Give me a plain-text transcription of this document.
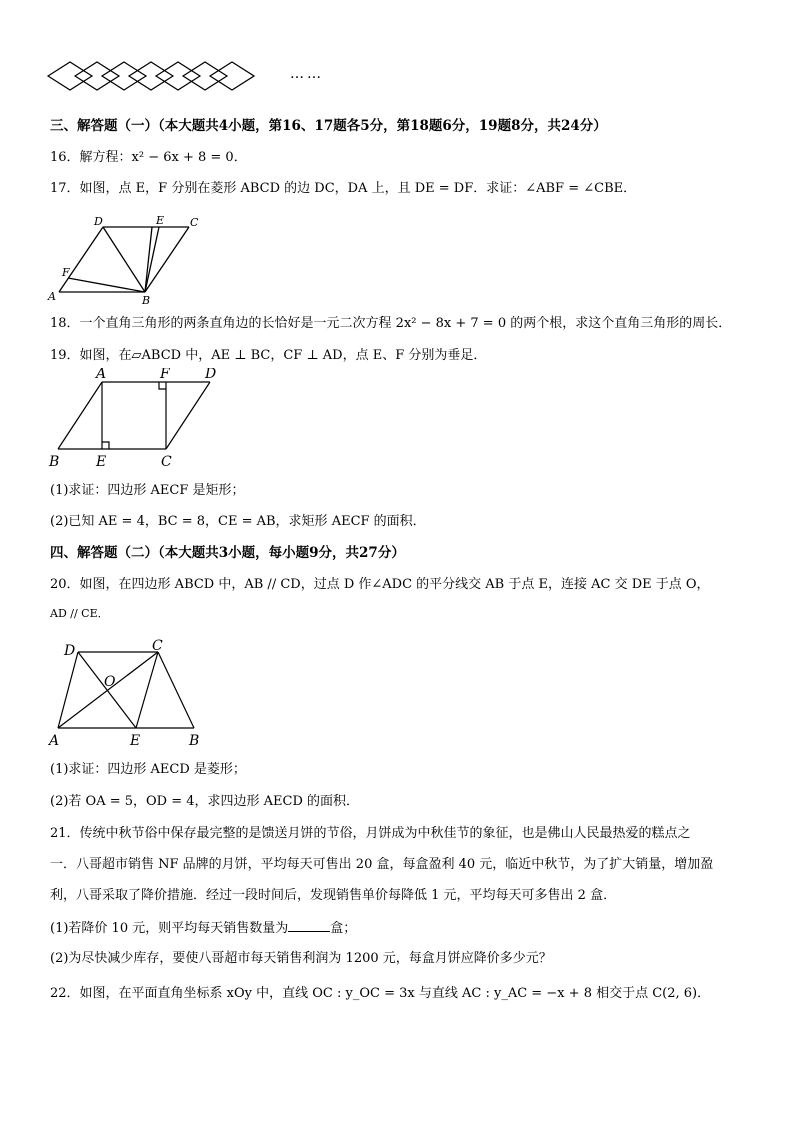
……
三、解答题（一）（本大题共4小题，第16、17题各5分，第18题6分，19题8分，共24分）
16．解方程：x² − 6x + 8 = 0．
17．如图，点 E，F 分别在菱形 ABCD 的边 DC，DA 上，且 DE = DF．求证：∠ABF = ∠CBE．
D	E C
F
A	B
18．一个直角三角形的两条直角边的长恰好是一元二次方程 2x² − 8x + 7 = 0 的两个根，求这个直角三角形的周长．
19．如图，在▱ABCD 中，AE ⊥ BC，CF ⊥ AD，点 E、F 分别为垂足．
A	F	D
B	E	C
(1)求证：四边形 AECF 是矩形；
(2)已知 AE = 4，BC = 8，CE = AB，求矩形 AECF 的面积．
四、解答题（二）（本大题共3小题，每小题9分，共27分）
20．如图，在四边形 ABCD 中，AB // CD，过点 D 作∠ADC 的平分线交 AB 于点 E，连接 AC 交 DE 于点 O，
AD // CE．
D	C
O
A	E	B
(1)求证：四边形 AECD 是菱形；
(2)若 OA = 5，OD = 4，求四边形 AECD 的面积．
21．传统中秋节俗中保存最完整的是馈送月饼的节俗，月饼成为中秋佳节的象征，也是佛山人民最热爱的糕点之
一．八哥超市销售 NF 品牌的月饼，平均每天可售出 20 盒，每盒盈利 40 元，临近中秋节，为了扩大销量，增加盈
利，八哥采取了降价措施．经过一段时间后，发现销售单价每降低 1 元，平均每天可多售出 2 盒．
(1)若降价 10 元，则平均每天销售数量为	盒；
(2)为尽快减少库存，要使八哥超市每天销售利润为 1200 元，每盒月饼应降价多少元？
22．如图，在平面直角坐标系 xOy 中，直线 OC : y_OC = 3x 与直线 AC : y_AC = −x + 8 相交于点 C(2, 6)．
